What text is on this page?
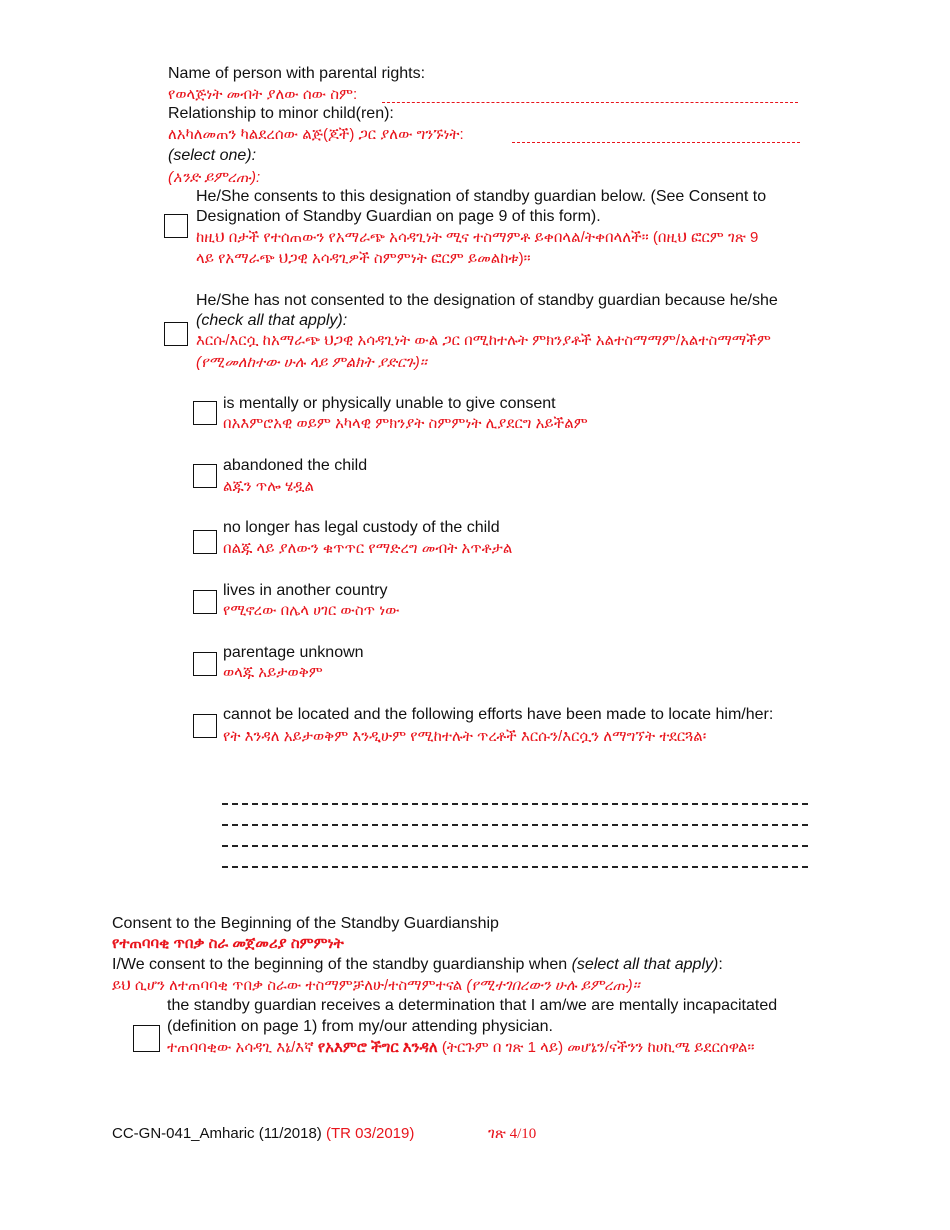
Name of person with parental rights:
የወላጅነት መብት ያለው ሰው ስም:
Relationship to minor child(ren):
ለአካለመጠን ካልደረሰው ልጅ(ጆች) ጋር ያለው ግንኙነት:
(select one):
(አንድ ይምረጡ):
He/She consents to this designation of standby guardian below. (See Consent to
Designation of Standby Guardian on page 9 of this form).
ከዚህ በታች የተሰጠውን የአማራጭ አሳዳጊነት ሚና ተስማምቶ ይቀበላል/ትቀበላለች። (በዚህ ፎርም ገጽ 9
ላይ የአማራጭ ህጋዊ አሳዳጊዎች ስምምነት ፎርም ይመልከቱ)።
He/She has not consented to the designation of standby guardian because he/she
(check all that apply):
እርሱ/እርሷ ከአማራጭ ህጋዊ አሳዳጊነት ውል ጋር በሚከተሉት ምክንያቶች አልተስማማም/አልተስማማችም
(የሚመለከተው ሁሉ ላይ ምልክት ያድርጉ)።
is mentally or physically unable to give consent
በአእምሮአዊ ወይም አካላዊ ምክንያት ስምምነት ሊያደርግ አይችልም
abandoned the child
ልጁን ጥሎ ሄዷል
no longer has legal custody of the child
በልጁ ላይ ያለውን ቁጥጥር የማድረግ መብት አጥቶታል
lives in another country
የሚኖረው በሌላ ሀገር ውስጥ ነው
parentage unknown
ወላጁ አይታወቅም
cannot be located and the following efforts have been made to locate him/her:
የት እንዳለ አይታወቅም እንዲሁም የሚከተሉት ጥረቶች እርሱን/እርሷን ለማግኘት ተደርጓል፡
Consent to the Beginning of the Standby Guardianship
የተጠባባቂ ጥበቃ ስራ መጀመሪያ ስምምነት
I/We consent to the beginning of the standby guardianship when (select all that apply):
ይህ ሲሆን ለተጠባባቂ ጥበቃ ስራው ተስማምቻለሁ/ተስማምተናል (የሚተገበረውን ሁሉ ይምረጡ)።
the standby guardian receives a determination that I am/we are mentally incapacitated
(definition on page 1) from my/our attending physician.
ተጠባባቂው አሳዳጊ እኔ/እኛ የአእምሮ ችግር እንዳለ (ትርጉም በ ገጽ 1 ላይ) መሆኔን/ናችንን ከሀኪሜ ይደርሰዋል።
CC-GN-041_Amharic (11/2018) (TR 03/2019)	ገጽ 4/10
